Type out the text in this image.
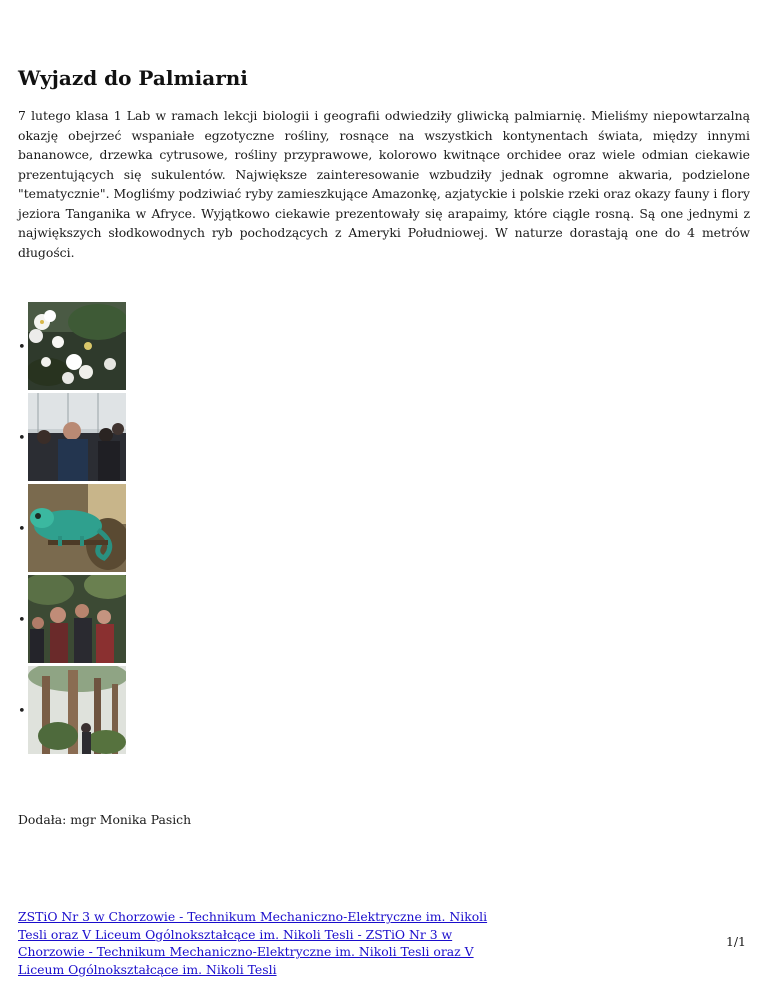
Wyjazd do Palmiarni

7 lutego klasa 1 Lab w ramach lekcji biologii i geografii odwiedziły gliwicką palmiarnię. Mieliśmy niepowtarzalną okazję obejrzeć wspaniałe egzotyczne rośliny, rosnące na wszystkich kontynentach świata, między innymi bananowce, drzewka cytrusowe, rośliny przyprawowe, kolorowo kwitnące orchidee oraz wiele odmian ciekawie prezentujących się sukulentów. Największe zainteresowanie wzbudziły jednak ogromne akwaria, podzielone "tematycznie". Mogliśmy podziwiać ryby zamieszkujące Amazonkę, azjatyckie i polskie rzeki oraz okazy fauny i flory jeziora Tanganika w Afryce. Wyjątkowo ciekawie prezentowały się arapaimy, które ciągle rosną. Są one jednymi z największych słodkowodnych ryb pochodzących z Ameryki Południowej. W naturze dorastają one do 4 metrów długości.

•
•
•
•
•

Dodała: mgr Monika Pasich

ZSTiO Nr 3 w Chorzowie - Technikum Mechaniczno-Elektryczne im. Nikoli Tesli oraz V Liceum Ogólnokształcące im. Nikoli Tesli - ZSTiO Nr 3 w Chorzowie - Technikum Mechaniczno-Elektryczne im. Nikoli Tesli oraz V Liceum Ogólnokształcące im. Nikoli Tesli
1/1
